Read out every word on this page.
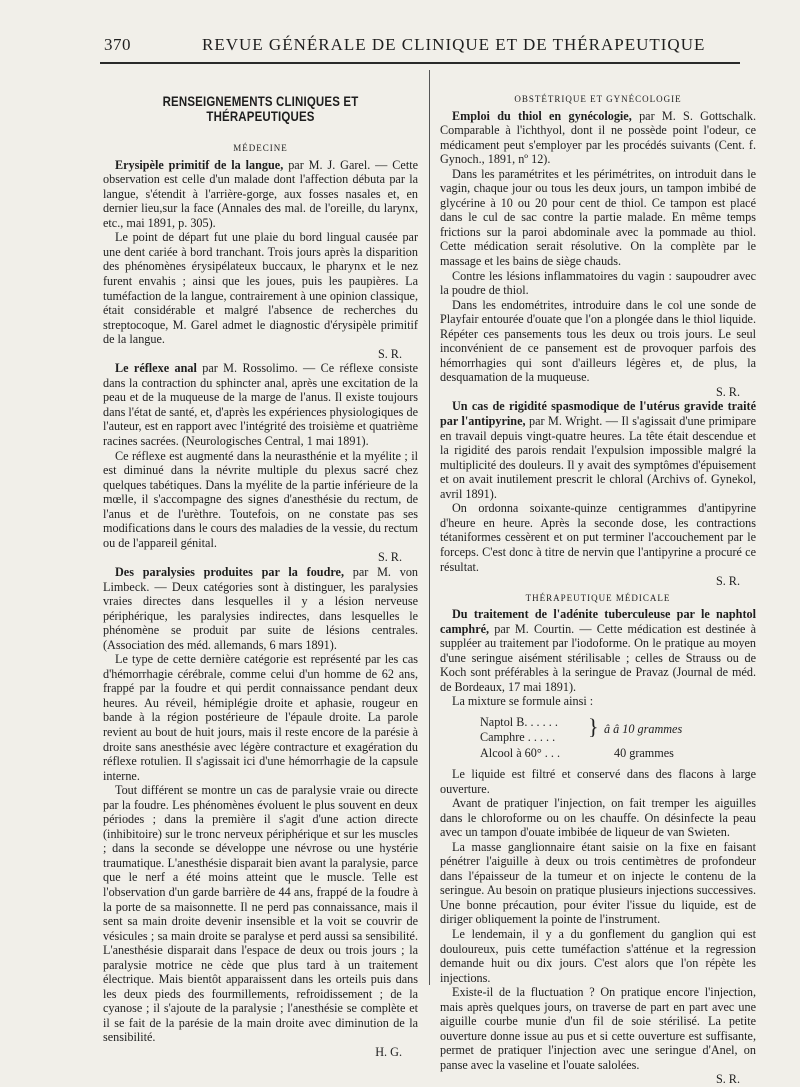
370	REVUE GÉNÉRALE DE CLINIQUE ET DE THÉRAPEUTIQUE
RENSEIGNEMENTS CLINIQUES ET THÉRAPEUTIQUES
MÉDECINE

Erysipèle primitif de la langue, par M. J. Garel. — Cette observation est celle d'un malade dont l'affection débuta par la langue, s'étendit à l'arrière-gorge, aux fosses nasales et, en dernier lieu,sur la face (Annales des mal. de l'oreille, du larynx, etc., mai 1891, p. 305).

Le point de départ fut une plaie du bord lingual causée par une dent cariée à bord tranchant. Trois jours après la disparition des phénomènes érysipélateux buccaux, le pharynx et le nez furent envahis ; ainsi que les joues, puis les paupières. La tuméfaction de la langue, contrairement à une opinion classique, était considérable et malgré l'absence de recherches du streptocoque, M. Garel admet le diagnostic d'érysipèle primitif de la langue.

S. R.

Le réflexe anal par M. Rossolimo. — Ce réflexe consiste dans la contraction du sphincter anal, après une excitation de la peau et de la muqueuse de la marge de l'anus. Il existe toujours dans l'état de santé, et, d'après les expériences physiologiques de l'auteur, est en rapport avec l'intégrité des troisième et quatrième racines sacrées. (Neurologisches Central, 1 mai 1891).

Ce réflexe est augmenté dans la neurasthénie et la myélite ; il est diminué dans la névrite multiple du plexus sacré chez quelques tabétiques. Dans la myélite de la partie inférieure de la mœlle, il s'accompagne des signes d'anesthésie du rectum, de l'anus et de l'urèthre. Toutefois, on ne constate pas ses modifications dans le cours des maladies de la vessie, du rectum ou de l'appareil génital.

S. R.

Des paralysies produites par la foudre, par M. von Limbeck. — Deux catégories sont à distinguer, les paralysies vraies directes dans lesquelles il y a lésion nerveuse périphérique, les paralysies indirectes, dans lesquelles le phénomène se produit par suite de lésions centrales. (Association des méd. allemands, 6 mars 1891).

Le type de cette dernière catégorie est représenté par les cas d'hémorrhagie cérébrale, comme celui d'un homme de 62 ans, frappé par la foudre et qui perdit connaissance pendant deux heures. Au réveil, hémiplégie droite et aphasie, rougeur en bande à la région postérieure de l'épaule droite. La parole revient au bout de huit jours, mais il reste encore de la parésie à droite sans anesthésie avec légère contracture et exagération du réflexe rotulien. Il s'agissait ici d'une hémorrhagie de la capsule interne.

Tout différent se montre un cas de paralysie vraie ou directe par la foudre. Les phénomènes évoluent le plus souvent en deux périodes ; dans la première il s'agit d'une action directe (inhibitoire) sur le tronc nerveux périphérique et sur les muscles ; dans la seconde se développe une névrose ou une hystérie traumatique. L'anesthésie disparait bien avant la paralysie, parce que le nerf a été moins atteint que le muscle. Telle est l'observation d'un garde barrière de 44 ans, frappé de la foudre à la porte de sa maisonnette. Il ne perd pas connaissance, mais il sent sa main droite devenir insensible et la voit se couvrir de vésicules ; sa main droite se paralyse et perd aussi sa sensibilité. L'anesthésie disparait dans l'espace de deux ou trois jours ; la paralysie motrice ne cède que plus tard à un traitement électrique. Mais bientôt apparaissent dans les orteils puis dans les deux pieds des fourmillements, refroidissement ; de la cyanose ; il s'ajoute de la paralysie ; l'anesthésie se complète et il se fait de la parésie de la main droite avec diminution de la sensibilité.

H. G.
OBSTÉTRIQUE ET GYNÉCOLOGIE

Emploi du thiol en gynécologie, par M. S. Gottschalk. Comparable à l'ichthyol, dont il ne possède point l'odeur, ce médicament peut s'employer par les procédés suivants (Cent. f. Gynoch., 1891, nº 12).

Dans les paramétrites et les périmétrites, on introduit dans le vagin, chaque jour ou tous les deux jours, un tampon imbibé de glycérine à 10 ou 20 pour cent de thiol. Ce tampon est placé dans le cul de sac contre la partie malade. En même temps frictions sur la paroi abdominale avec la pommade au thiol. Cette médication serait résolutive. On la complète par le massage et les bains de siège chauds.

Contre les lésions inflammatoires du vagin : saupoudrer avec la poudre de thiol.

Dans les endométrites, introduire dans le col une sonde de Playfair entourée d'ouate que l'on a plongée dans le thiol liquide. Répéter ces pansements tous les deux ou trois jours. Le seul inconvénient de ce pansement est de provoquer parfois des hémorrhagies qui sont d'ailleurs légères et, de plus, la desquamation de la muqueuse.

S. R.

Un cas de rigidité spasmodique de l'utérus gravide traité par l'antipyrine, par M. Wright. — Il s'agissait d'une primipare en travail depuis vingt-quatre heures. La tête était descendue et la rigidité des parois rendait l'expulsion impossible malgré la multiplicité des douleurs. Il y avait des symptômes d'épuisement et on avait inutilement prescrit le chloral (Archivs of. Gynekol, avril 1891).

On ordonna soixante-quinze centigrammes d'antipyrine d'heure en heure. Après la seconde dose, les contractions tétaniformes cessèrent et on put terminer l'accouchement par le forceps. C'est donc à titre de nervin que l'antipyrine a procuré ce résultat.

S. R.
THÉRAPEUTIQUE MÉDICALE

Du traitement de l'adénite tuberculeuse par le naphtol camphré, par M. Courtin. — Cette médication est destinée à suppléer au traitement par l'iodoforme. On le pratique au moyen d'une seringue aisément stérilisable ; celles de Strauss ou de Koch sont préférables à la seringue de Pravaz (Journal de méd. de Bordeaux, 17 mai 1891).

La mixture se formule ainsi :

Naptol B. . . . . .
Camphre . . . . . } â â 10 grammes
Alcool à 60° . . .	40 grammes

Le liquide est filtré et conservé dans des flacons à large ouverture.

Avant de pratiquer l'injection, on fait tremper les aiguilles dans le chloroforme ou on les chauffe. On désinfecte la peau avec un tampon d'ouate imbibée de liqueur de van Swieten.

La masse ganglionnaire étant saisie on la fixe en faisant pénétrer l'aiguille à deux ou trois centimètres de profondeur dans l'épaisseur de la tumeur et on injecte le contenu de la seringue. Au besoin on pratique plusieurs injections successives. Une bonne précaution, pour éviter l'issue du liquide, est de diriger obliquement la pointe de l'instrument.

Le lendemain, il y a du gonflement du ganglion qui est douloureux, puis cette tuméfaction s'atténue et la regression demande huit ou dix jours. C'est alors que l'on répète les injections.

Existe-il de la fluctuation ? On pratique encore l'injection, mais après quelques jours, on traverse de part en part avec une aiguille courbe munie d'un fil de soie stérilisé. La petite ouverture donne issue au pus et si cette ouverture est suffisante, permet de pratiquer l'injection avec une seringue d'Anel, on panse avec la vaseline et l'ouate salolées.

S. R.
